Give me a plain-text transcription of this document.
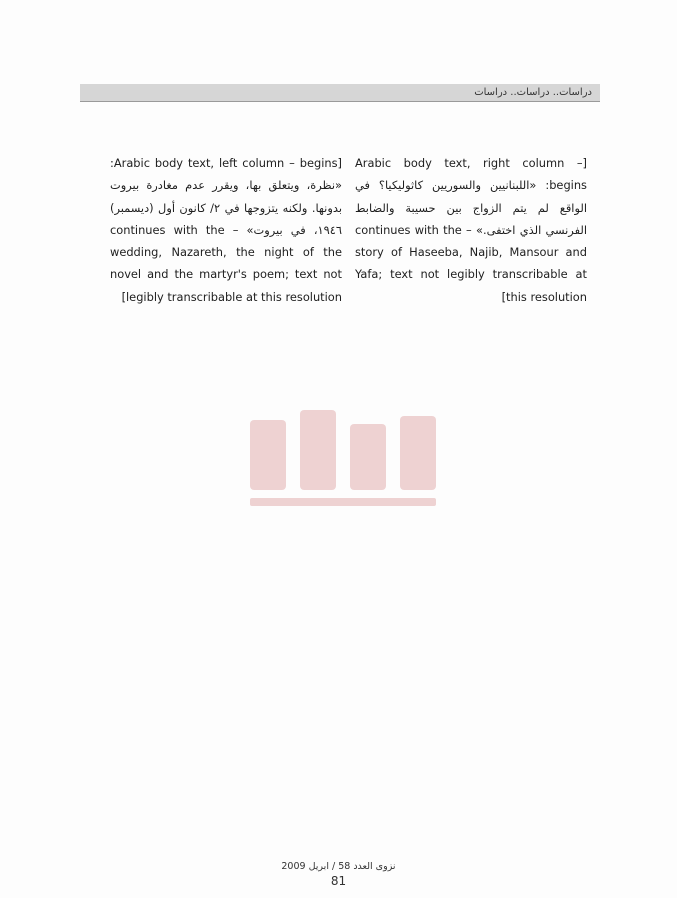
دراسات.. دراسات.. دراسات

[Arabic body text, right column – begins: «اللبنانيين والسوريين كاثوليكيا؟ في الواقع لم يتم الزواج بين حسيبة والضابط الفرنسي الذي اختفى.» – continues with the story of Haseeba, Najib, Mansour and Yafa; text not legibly transcribable at this resolution]

[Arabic body text, left column – begins: «نظرة، ويتعلق بها، ويقرر عدم مغادرة بيروت بدونها. ولكنه يتزوجها في ٢/ كانون أول (ديسمبر) ١٩٤٦، في بيروت» – continues with the wedding, Nazareth, the night of the novel and the martyr's poem; text not legibly transcribable at this resolution]

نزوى العدد 58 / ابريل 2009
81
